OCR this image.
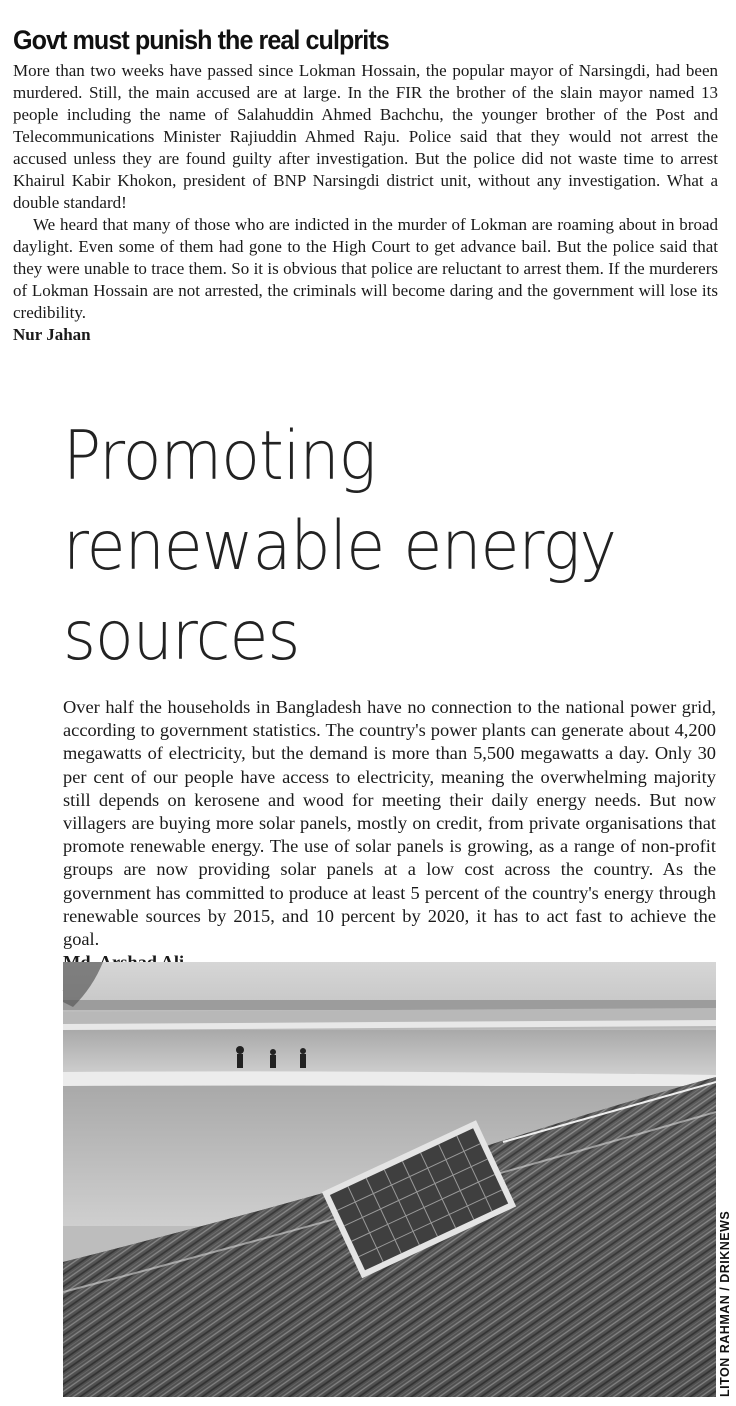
Govt must punish the real culprits

More than two weeks have passed since Lokman Hossain, the popular mayor of Narsingdi, had been murdered. Still, the main accused are at large. In the FIR the brother of the slain mayor named 13 people including the name of Salahuddin Ahmed Bachchu, the younger brother of the Post and Telecommunications Minister Rajiuddin Ahmed Raju. Police said that they would not arrest the accused unless they are found guilty after investigation. But the police did not waste time to arrest Khairul Kabir Khokon, president of BNP Narsingdi district unit, without any investigation. What a double standard!

We heard that many of those who are indicted in the murder of Lokman are roaming about in broad daylight. Even some of them had gone to the High Court to get advance bail. But the police said that they were unable to trace them. So it is obvious that police are reluctant to arrest them. If the murderers of Lokman Hossain are not arrested, the criminals will become daring and the government will lose its credibility.

Nur Jahan
Promoting renewable energy sources
Over half the households in Bangladesh have no connection to the national power grid, according to government statistics. The country's power plants can generate about 4,200 megawatts of electricity, but the demand is more than 5,500 megawatts a day. Only 30 per cent of our people have access to electricity, meaning the overwhelming majority still depends on kerosene and wood for meeting their daily energy needs. But now villagers are buying more solar panels, mostly on credit, from private organisations that promote renewable energy. The use of solar panels is growing, as a range of non-profit groups are now providing solar panels at a low cost across the country. As the government has committed to produce at least 5 percent of the country's energy through renewable sources by 2015, and 10 percent by 2020, it has to act fast to achieve the goal.
LITON RAHMAN / DRIKNEWS
